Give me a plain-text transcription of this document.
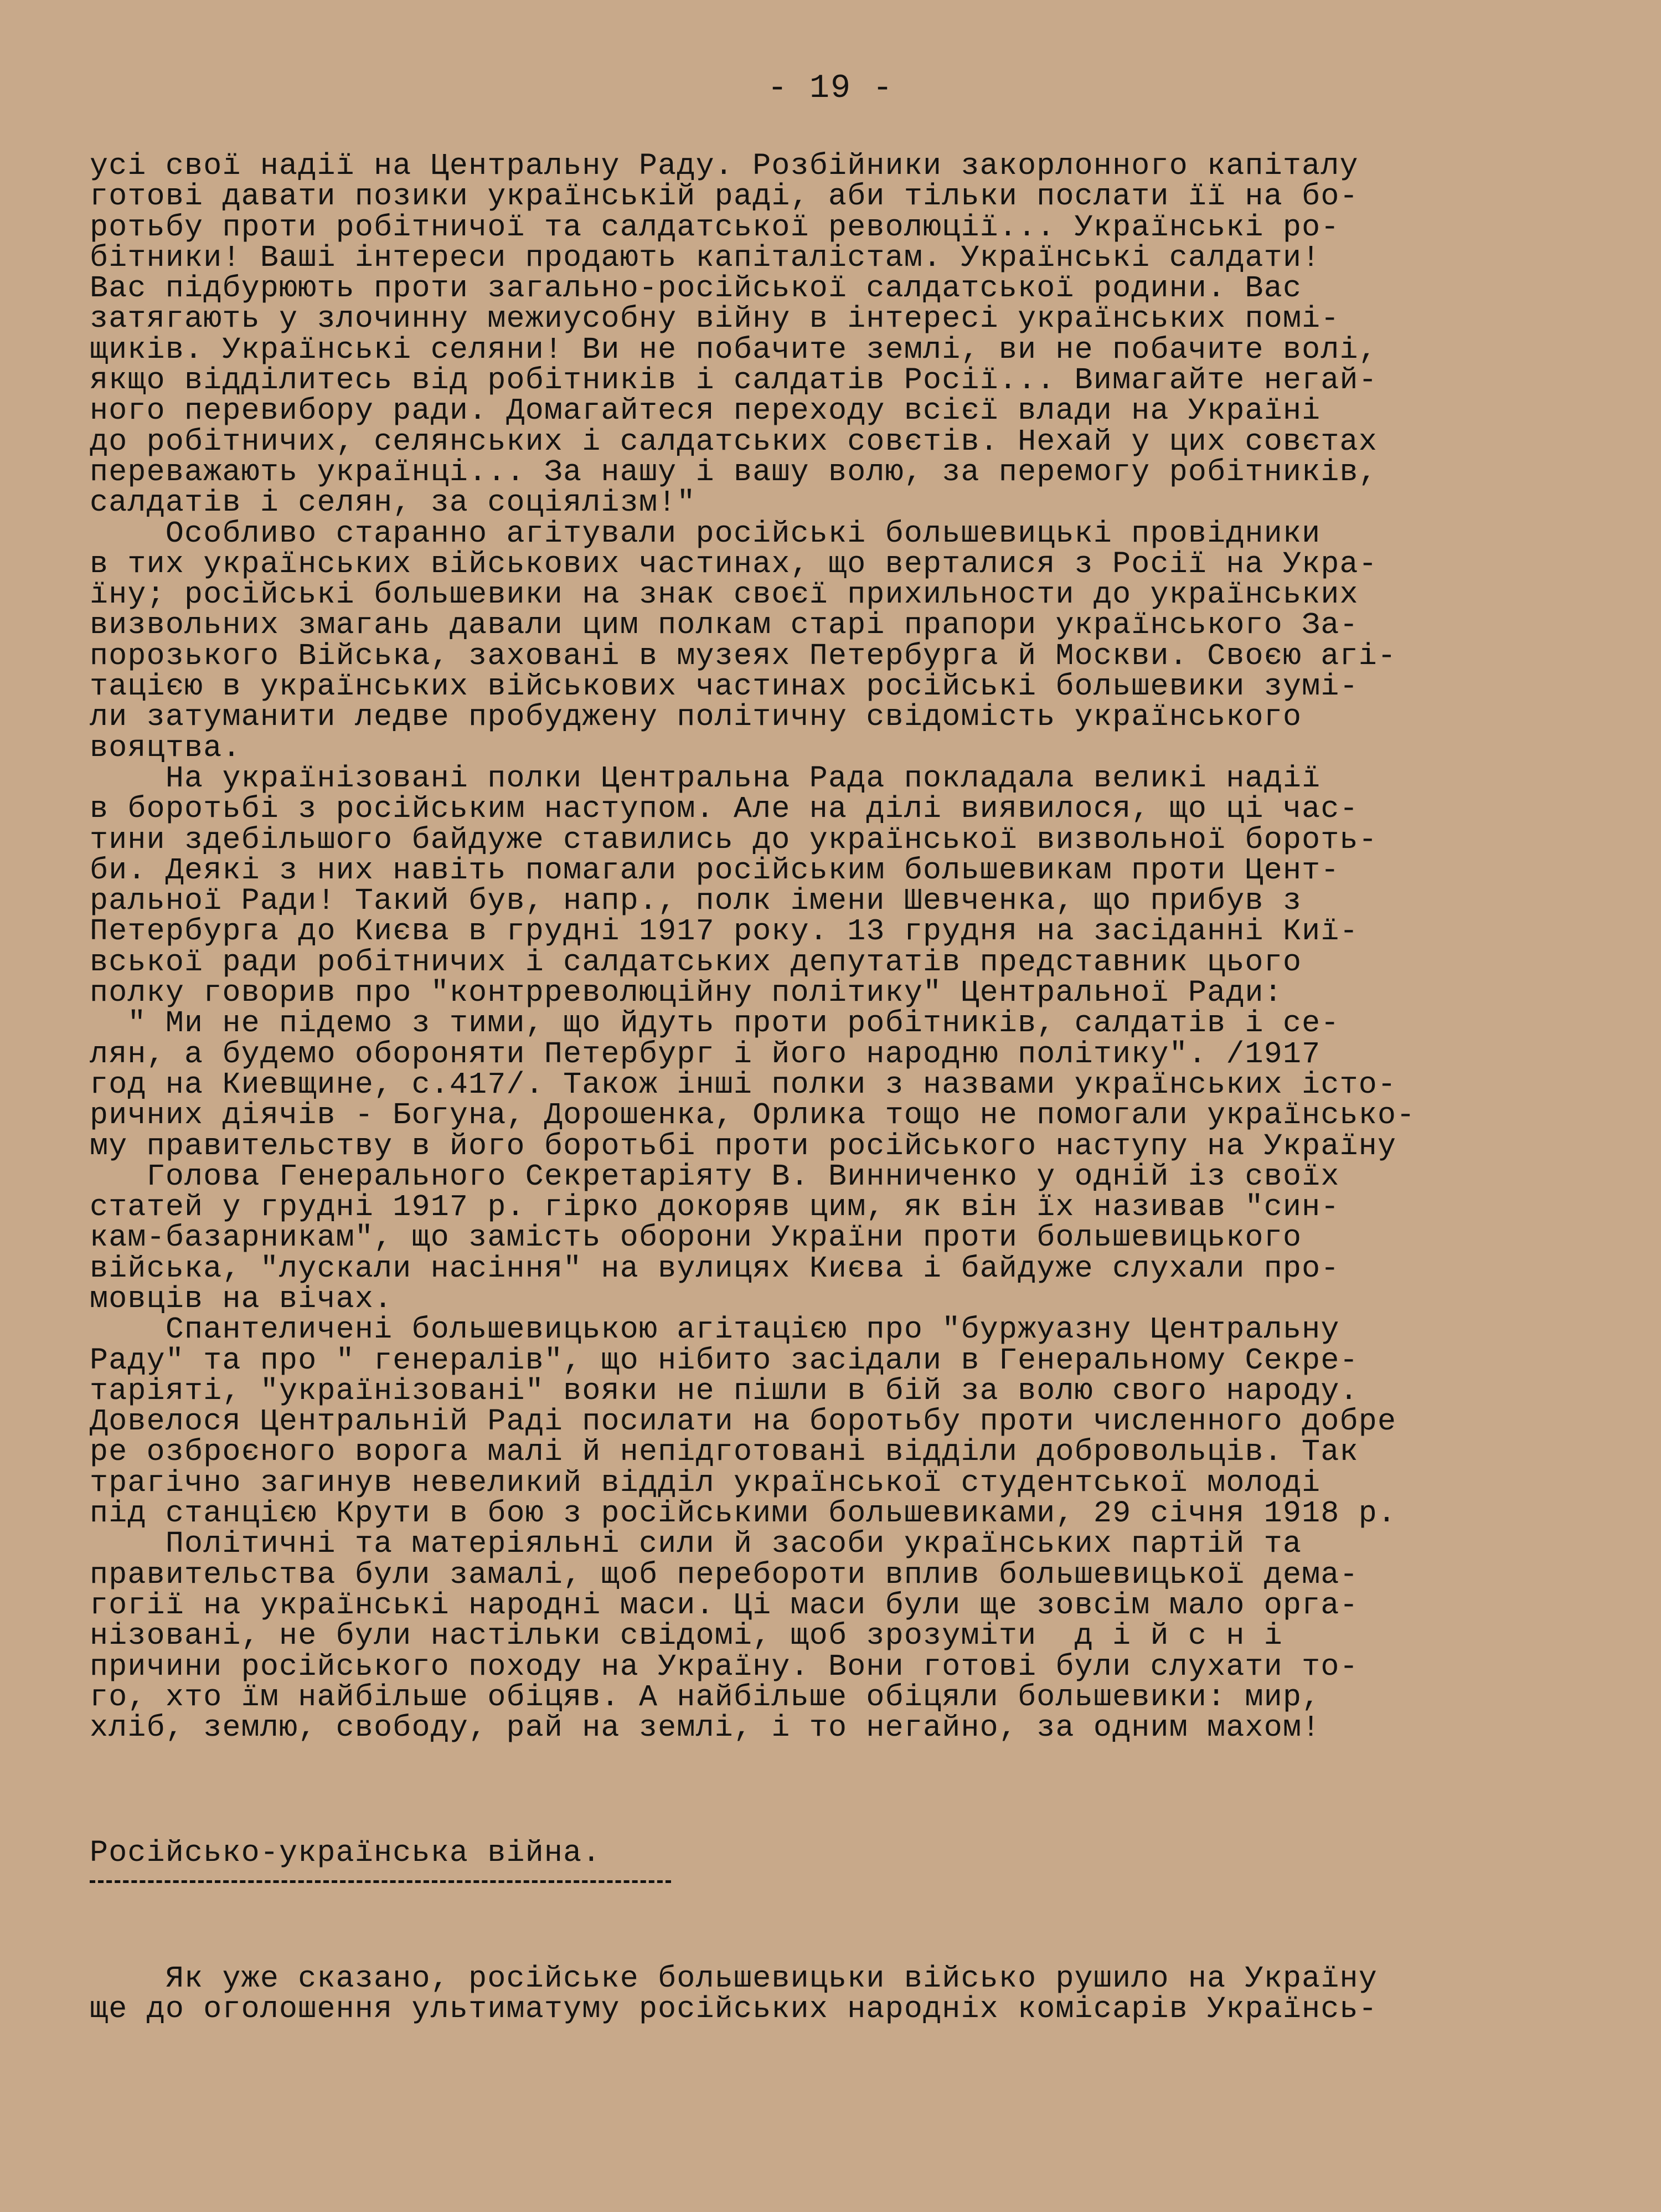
- 19 -
усі свої надії на Центральну Раду. Розбійники закорлонного капіталу
готові давати позики українській раді, аби тільки послати її на бо-
ротьбу проти робітничої та салдатської революції... Українські ро-
бітники! Ваші інтереси продають капіталістам. Українські салдати!
Вас підбурюють проти загально-російської салдатської родини. Вас
затягають у злочинну межиусобну війну в інтересі українських помі-
щиків. Українські селяни! Ви не побачите землі, ви не побачите волі,
якщо відділитесь від робітників і салдатів Росії... Вимагайте негай-
ного перевибору ради. Домагайтеся переходу всієї влади на Україні
до робітничих, селянських і салдатських совєтів. Нехай у цих совєтах
переважають українці... За нашу і вашу волю, за перемогу робітників,
салдатів і селян, за соціялізм!"
Особливо старанно агітували російські большевицькі провідники
в тих українських військових частинах, що верталися з Росії на Укра-
їну; російські большевики на знак своєї прихильности до українських
визвольних змагань давали цим полкам старі прапори українського За-
порозького Війська, заховані в музеях Петербурга й Москви. Своєю агі-
тацією в українських військових частинах російські большевики зумі-
ли затуманити ледве пробуджену політичну свідомість українського
вояцтва.
На українізовані полки Центральна Рада покладала великі надії
в боротьбі з російським наступом. Але на ділі виявилося, що ці час-
тини здебільшого байдуже ставились до української визвольної бороть-
би. Деякі з них навіть помагали російським большевикам проти Цент-
ральної Ради! Такий був, напр., полк імени Шевченка, що прибув з
Петербурга до Києва в грудні 1917 року. 13 грудня на засіданні Киї-
вської ради робітничих і салдатських депутатів представник цього
полку говорив про "контрреволюційну політику" Центральної Ради:
" Ми не підемо з тими, що йдуть проти робітників, салдатів і се-
лян, а будемо обороняти Петербург і його народню політику". /1917
год на Киевщине, с.417/. Також інші полки з назвами українських істо-
ричних діячів - Богуна, Дорошенка, Орлика тощо не помогали українсько-
му правительству в його боротьбі проти російського наступу на Україну
Голова Генерального Секретаріяту В. Винниченко у одній із своїх
статей у грудні 1917 р. гірко докоряв цим, як він їх називав "син-
кам-базарникам", що замість оборони України проти большевицького
війська, "лускали насіння" на вулицях Києва і байдуже слухали про-
мовців на вічах.
Спантеличені большевицькою агітацією про "буржуазну Центральну
Раду" та про " генералів", що нібито засідали в Генеральному Секре-
таріяті, "українізовані" вояки не пішли в бій за волю свого народу.
Довелося Центральній Раді посилати на боротьбу проти численного добре
ре озброєного ворога малі й непідготовані відділи добровольців. Так
трагічно загинув невеликий відділ української студентської молоді
під станцією Крути в бою з російськими большевиками, 29 січня 1918 р.
Політичні та матеріяльні сили й засоби українських партій та
правительства були замалі, щоб перебороти вплив большевицької дема-
гогії на українські народні маси. Ці маси були ще зовсім мало орга-
нізовані, не були настільки свідомі, щоб зрозуміти  д і й с н і
причини російського походу на Україну. Вони готові були слухати то-
го, хто їм найбільше обіцяв. А найбільше обіцяли большевики: мир,
хліб, землю, свободу, рай на землі, і то негайно, за одним махом!
Російсько-українська війна.
Як уже сказано, російське большевицьки військо рушило на Україну
ще до оголошення ультиматуму російських народніх комісарів Українсь-
